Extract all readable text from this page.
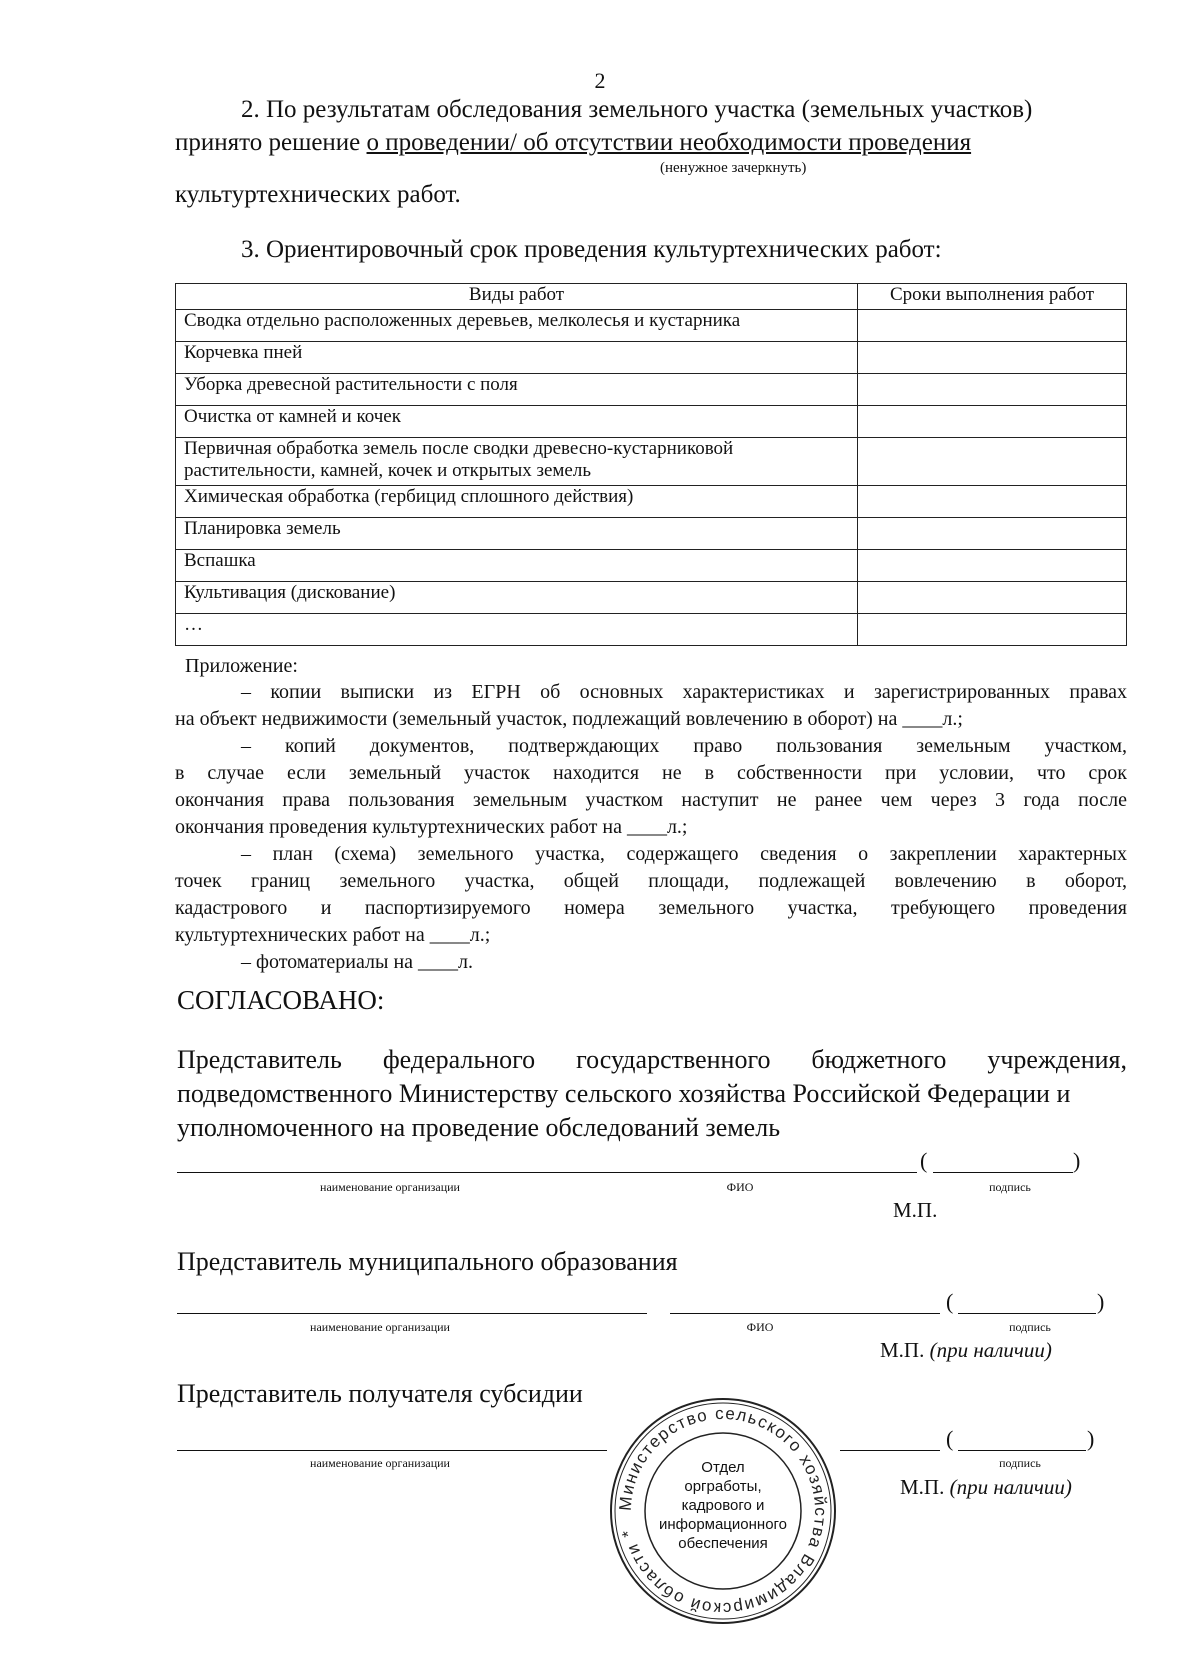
2
2. По результатам обследования земельного участка (земельных участков)
принято решение о проведении/ об отсутствии необходимости проведения
(ненужное зачеркнуть)
культуртехнических работ.
3. Ориентировочный срок проведения культуртехнических работ:
Виды работ	Сроки выполнения работ
Сводка отдельно расположенных деревьев, мелколесья и кустарника	
Корчевка пней	
Уборка древесной растительности с поля	
Очистка от камней и кочек	
Первичная обработка земель после сводки древесно-кустарниковой растительности, камней, кочек и открытых земель	
Химическая обработка (гербицид сплошного действия)	
Планировка земель	
Вспашка	
Культивация (дискование)	
…	
Приложение:
– копии выписки из ЕГРН об основных характеристиках и зарегистрированных правах
на объект недвижимости (земельный участок, подлежащий вовлечению в оборот) на ____л.;
– копий документов, подтверждающих право пользования земельным участком,
в случае если земельный участок находится не в собственности при условии, что срок
окончания права пользования земельным участком наступит не ранее чем через 3 года после
окончания проведения культуртехнических работ на ____л.;
– план (схема) земельного участка, содержащего сведения о закреплении характерных
точек границ земельного участка, общей площади, подлежащей вовлечению в оборот,
кадастрового и паспортизируемого номера земельного участка, требующего проведения
культуртехнических работ на ____л.;
– фотоматериалы на ____л.
СОГЛАСОВАНО:
Представитель федерального государственного бюджетного учреждения,
подведомственного Министерству сельского хозяйства Российской Федерации и
уполномоченного на проведение обследований земель
(	)
наименование организации	ФИО	подпись
М.П.
Представитель муниципального образования
(	)
наименование организации	ФИО	подпись
М.П. (при наличии)
Представитель получателя субсидии
(	)
наименование организации	подпись
М.П. (при наличии)
Министерство сельского хозяйства Владимирской области *
Отдел
оргработы,
кадрового и
информационного
обеспечения
